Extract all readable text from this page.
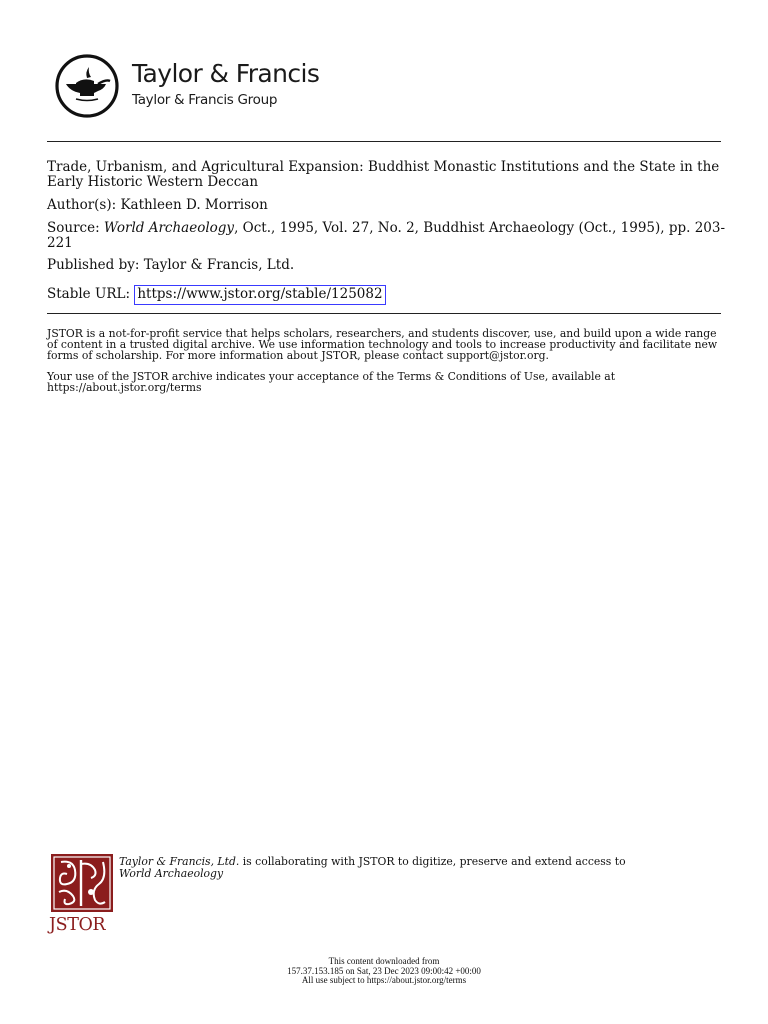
Taylor & Francis
Taylor & Francis Group
Trade, Urbanism, and Agricultural Expansion: Buddhist Monastic Institutions and the State in the Early Historic Western Deccan
Author(s): Kathleen D. Morrison
Source: World Archaeology, Oct., 1995, Vol. 27, No. 2, Buddhist Archaeology (Oct., 1995), pp. 203-221
Published by: Taylor & Francis, Ltd.
Stable URL: https://www.jstor.org/stable/125082
JSTOR is a not-for-profit service that helps scholars, researchers, and students discover, use, and build upon a wide range of content in a trusted digital archive. We use information technology and tools to increase productivity and facilitate new forms of scholarship. For more information about JSTOR, please contact support@jstor.org.
Your use of the JSTOR archive indicates your acceptance of the Terms & Conditions of Use, available at https://about.jstor.org/terms
JSTOR
Taylor & Francis, Ltd. is collaborating with JSTOR to digitize, preserve and extend access to
World Archaeology
This content downloaded from
157.37.153.185 on Sat, 23 Dec 2023 09:00:42 +00:00
All use subject to https://about.jstor.org/terms
